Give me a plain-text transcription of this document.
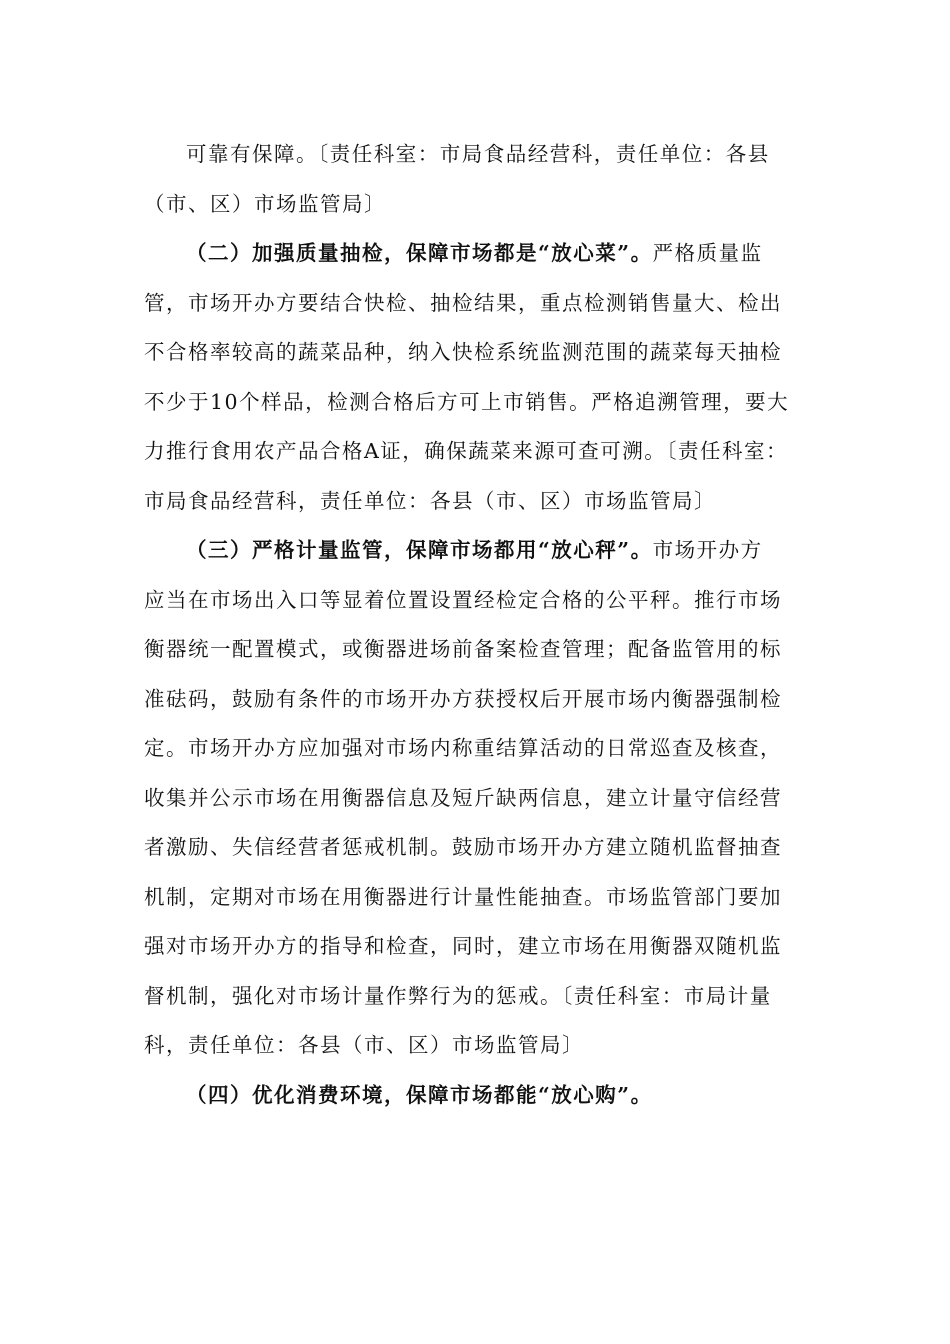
可靠有保障。〔责任科室：市局食品经营科，责任单位：各县
（市、区）市场监管局〕
（二）加强质量抽检，保障市场都是“放心菜”。严格质量监
管，市场开办方要结合快检、抽检结果，重点检测销售量大、检出
不合格率较高的蔬菜品种，纳入快检系统监测范围的蔬菜每天抽检
不少于10个样品，检测合格后方可上市销售。严格追溯管理，要大
力推行食用农产品合格A证，确保蔬菜来源可查可溯。〔责任科室：
市局食品经营科，责任单位：各县（市、区）市场监管局〕
（三）严格计量监管，保障市场都用“放心秤”。市场开办方
应当在市场出入口等显着位置设置经检定合格的公平秤。推行市场
衡器统一配置模式，或衡器进场前备案检查管理；配备监管用的标
准砝码，鼓励有条件的市场开办方获授权后开展市场内衡器强制检
定。市场开办方应加强对市场内称重结算活动的日常巡查及核查，
收集并公示市场在用衡器信息及短斤缺两信息，建立计量守信经营
者激励、失信经营者惩戒机制。鼓励市场开办方建立随机监督抽查
机制，定期对市场在用衡器进行计量性能抽查。市场监管部门要加
强对市场开办方的指导和检查，同时，建立市场在用衡器双随机监
督机制，强化对市场计量作弊行为的惩戒。〔责任科室：市局计量
科，责任单位：各县（市、区）市场监管局〕
（四）优化消费环境，保障市场都能“放心购”。
